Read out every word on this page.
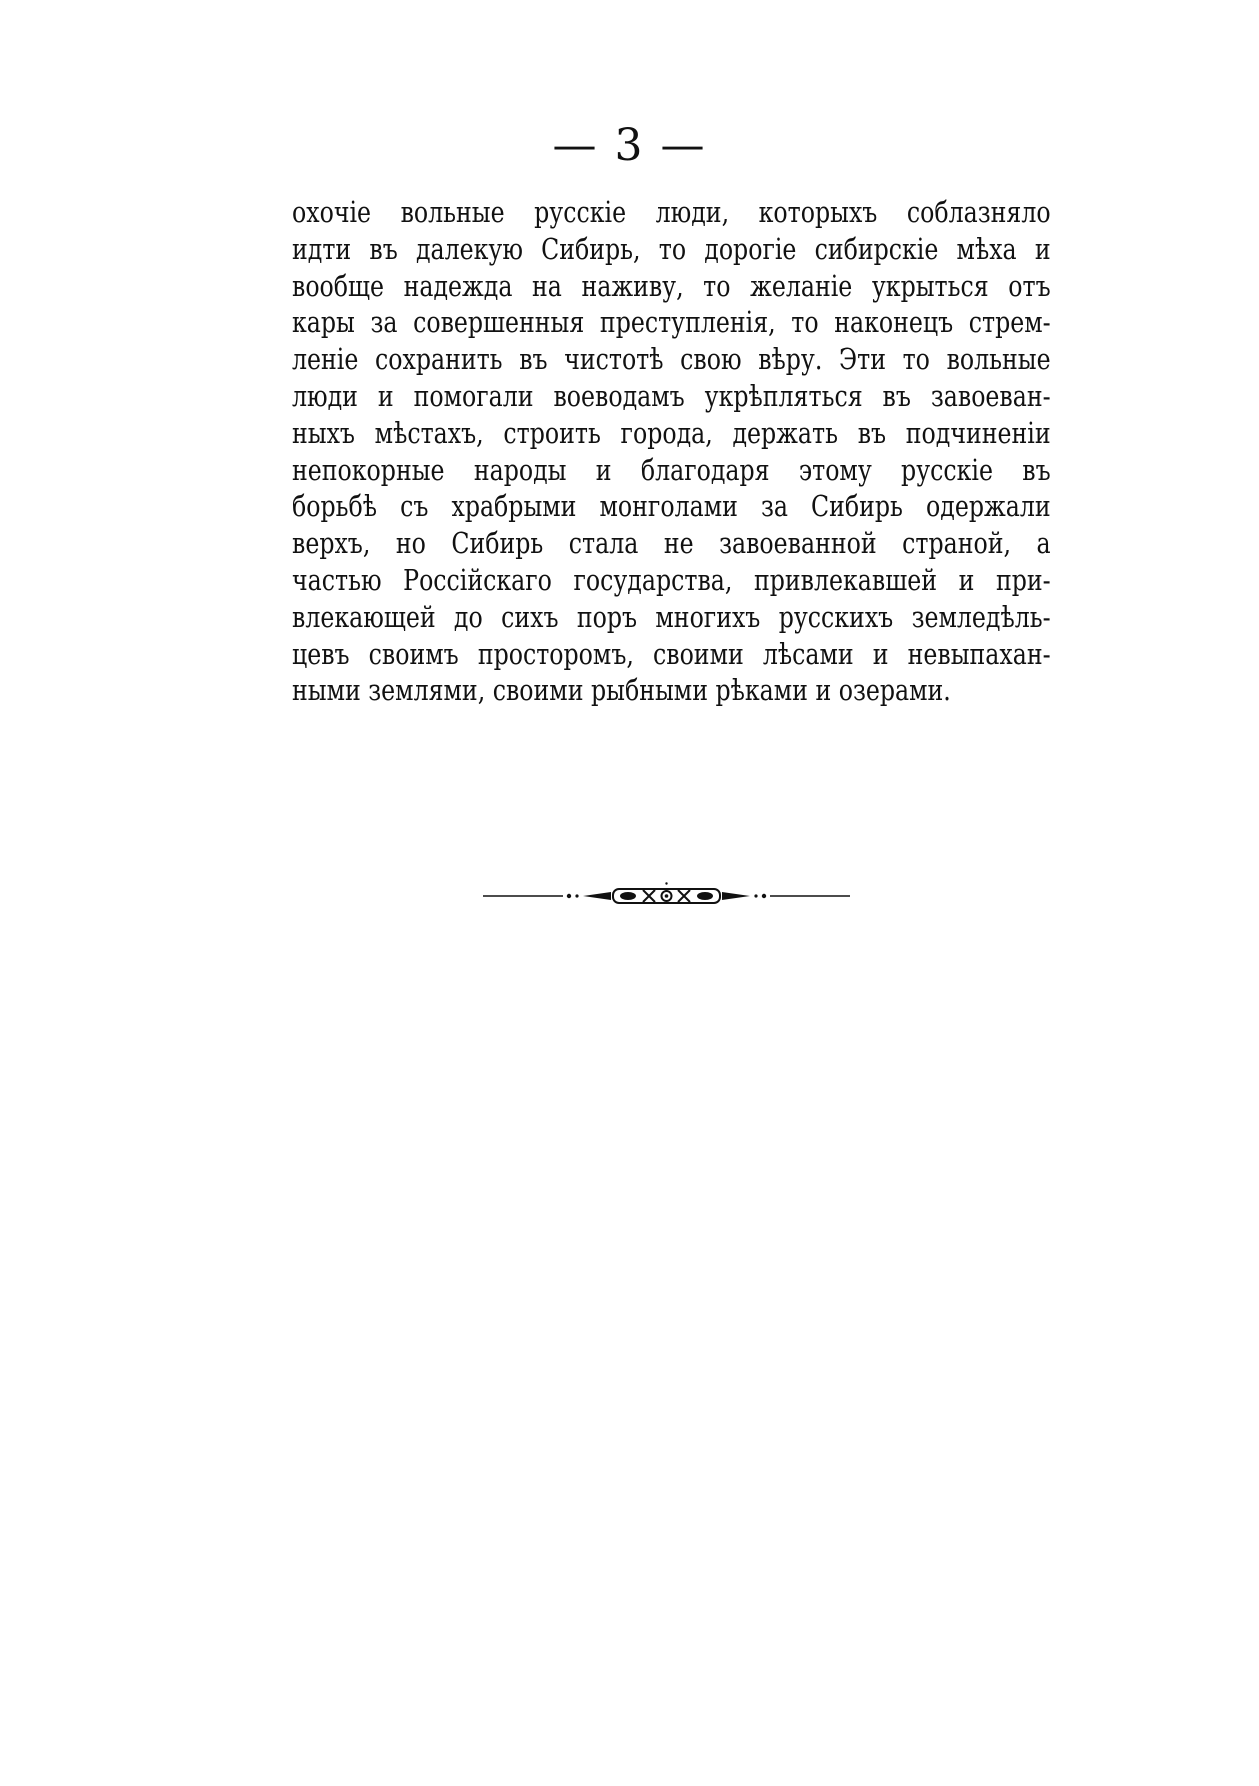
— 3 —
охочіе вольные русскіе люди, которыхъ соблазняло
идти въ далекую Сибирь, то дорогіе сибирскіе мѣха и
вообще надежда на наживу, то желаніе укрыться отъ
кары за совершенныя преступленія, то наконецъ стрем-
леніе сохранить въ чистотѣ свою вѣру. Эти то вольные
люди и помогали воеводамъ укрѣпляться въ завоеван-
ныхъ мѣстахъ, строить города, держать въ подчиненіи
непокорные народы и благодаря этому русскіе въ
борьбѣ съ храбрыми монголами за Сибирь одержали
верхъ, но Сибирь стала не завоеванной страной, а
частью Россійскаго государства, привлекавшей и при-
влекающей до сихъ поръ многихъ русскихъ земледѣль-
цевъ своимъ просторомъ, своими лѣсами и невыпахан-
ными землями, своими рыбными рѣками и озерами.
